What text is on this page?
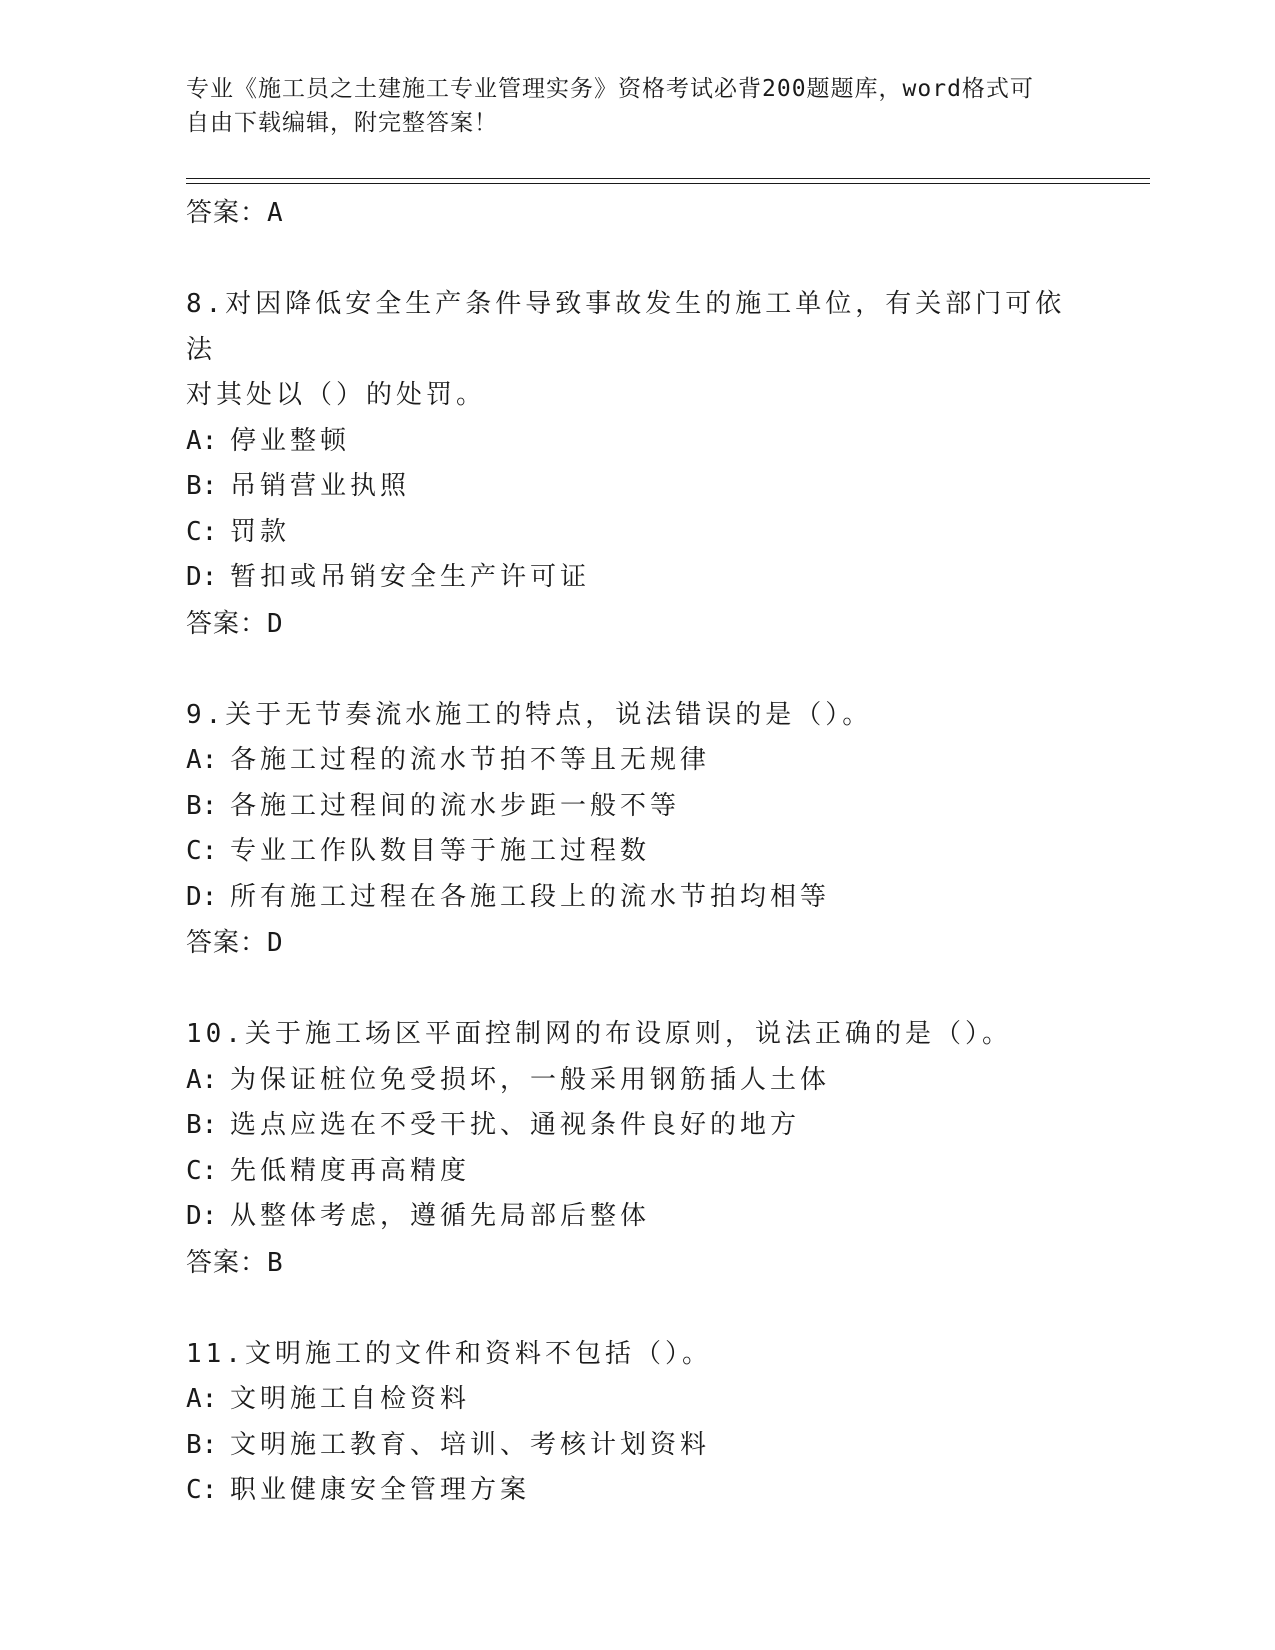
专业《施工员之土建施工专业管理实务》资格考试必背200题题库，word格式可
自由下载编辑，附完整答案！
答案：A
8.对因降低安全生产条件导致事故发生的施工单位，有关部门可依法
对其处以（）的处罚。
A: 停业整顿
B: 吊销营业执照
C: 罚款
D: 暂扣或吊销安全生产许可证
答案：D
9.关于无节奏流水施工的特点，说法错误的是（）。
A: 各施工过程的流水节拍不等且无规律
B: 各施工过程间的流水步距一般不等
C: 专业工作队数目等于施工过程数
D: 所有施工过程在各施工段上的流水节拍均相等
答案：D
10.关于施工场区平面控制网的布设原则，说法正确的是（）。
A: 为保证桩位免受损坏，一般采用钢筋插人土体
B: 选点应选在不受干扰、通视条件良好的地方
C: 先低精度再高精度
D: 从整体考虑，遵循先局部后整体
答案：B
11.文明施工的文件和资料不包括（）。
A: 文明施工自检资料
B: 文明施工教育、培训、考核计划资料
C: 职业健康安全管理方案
